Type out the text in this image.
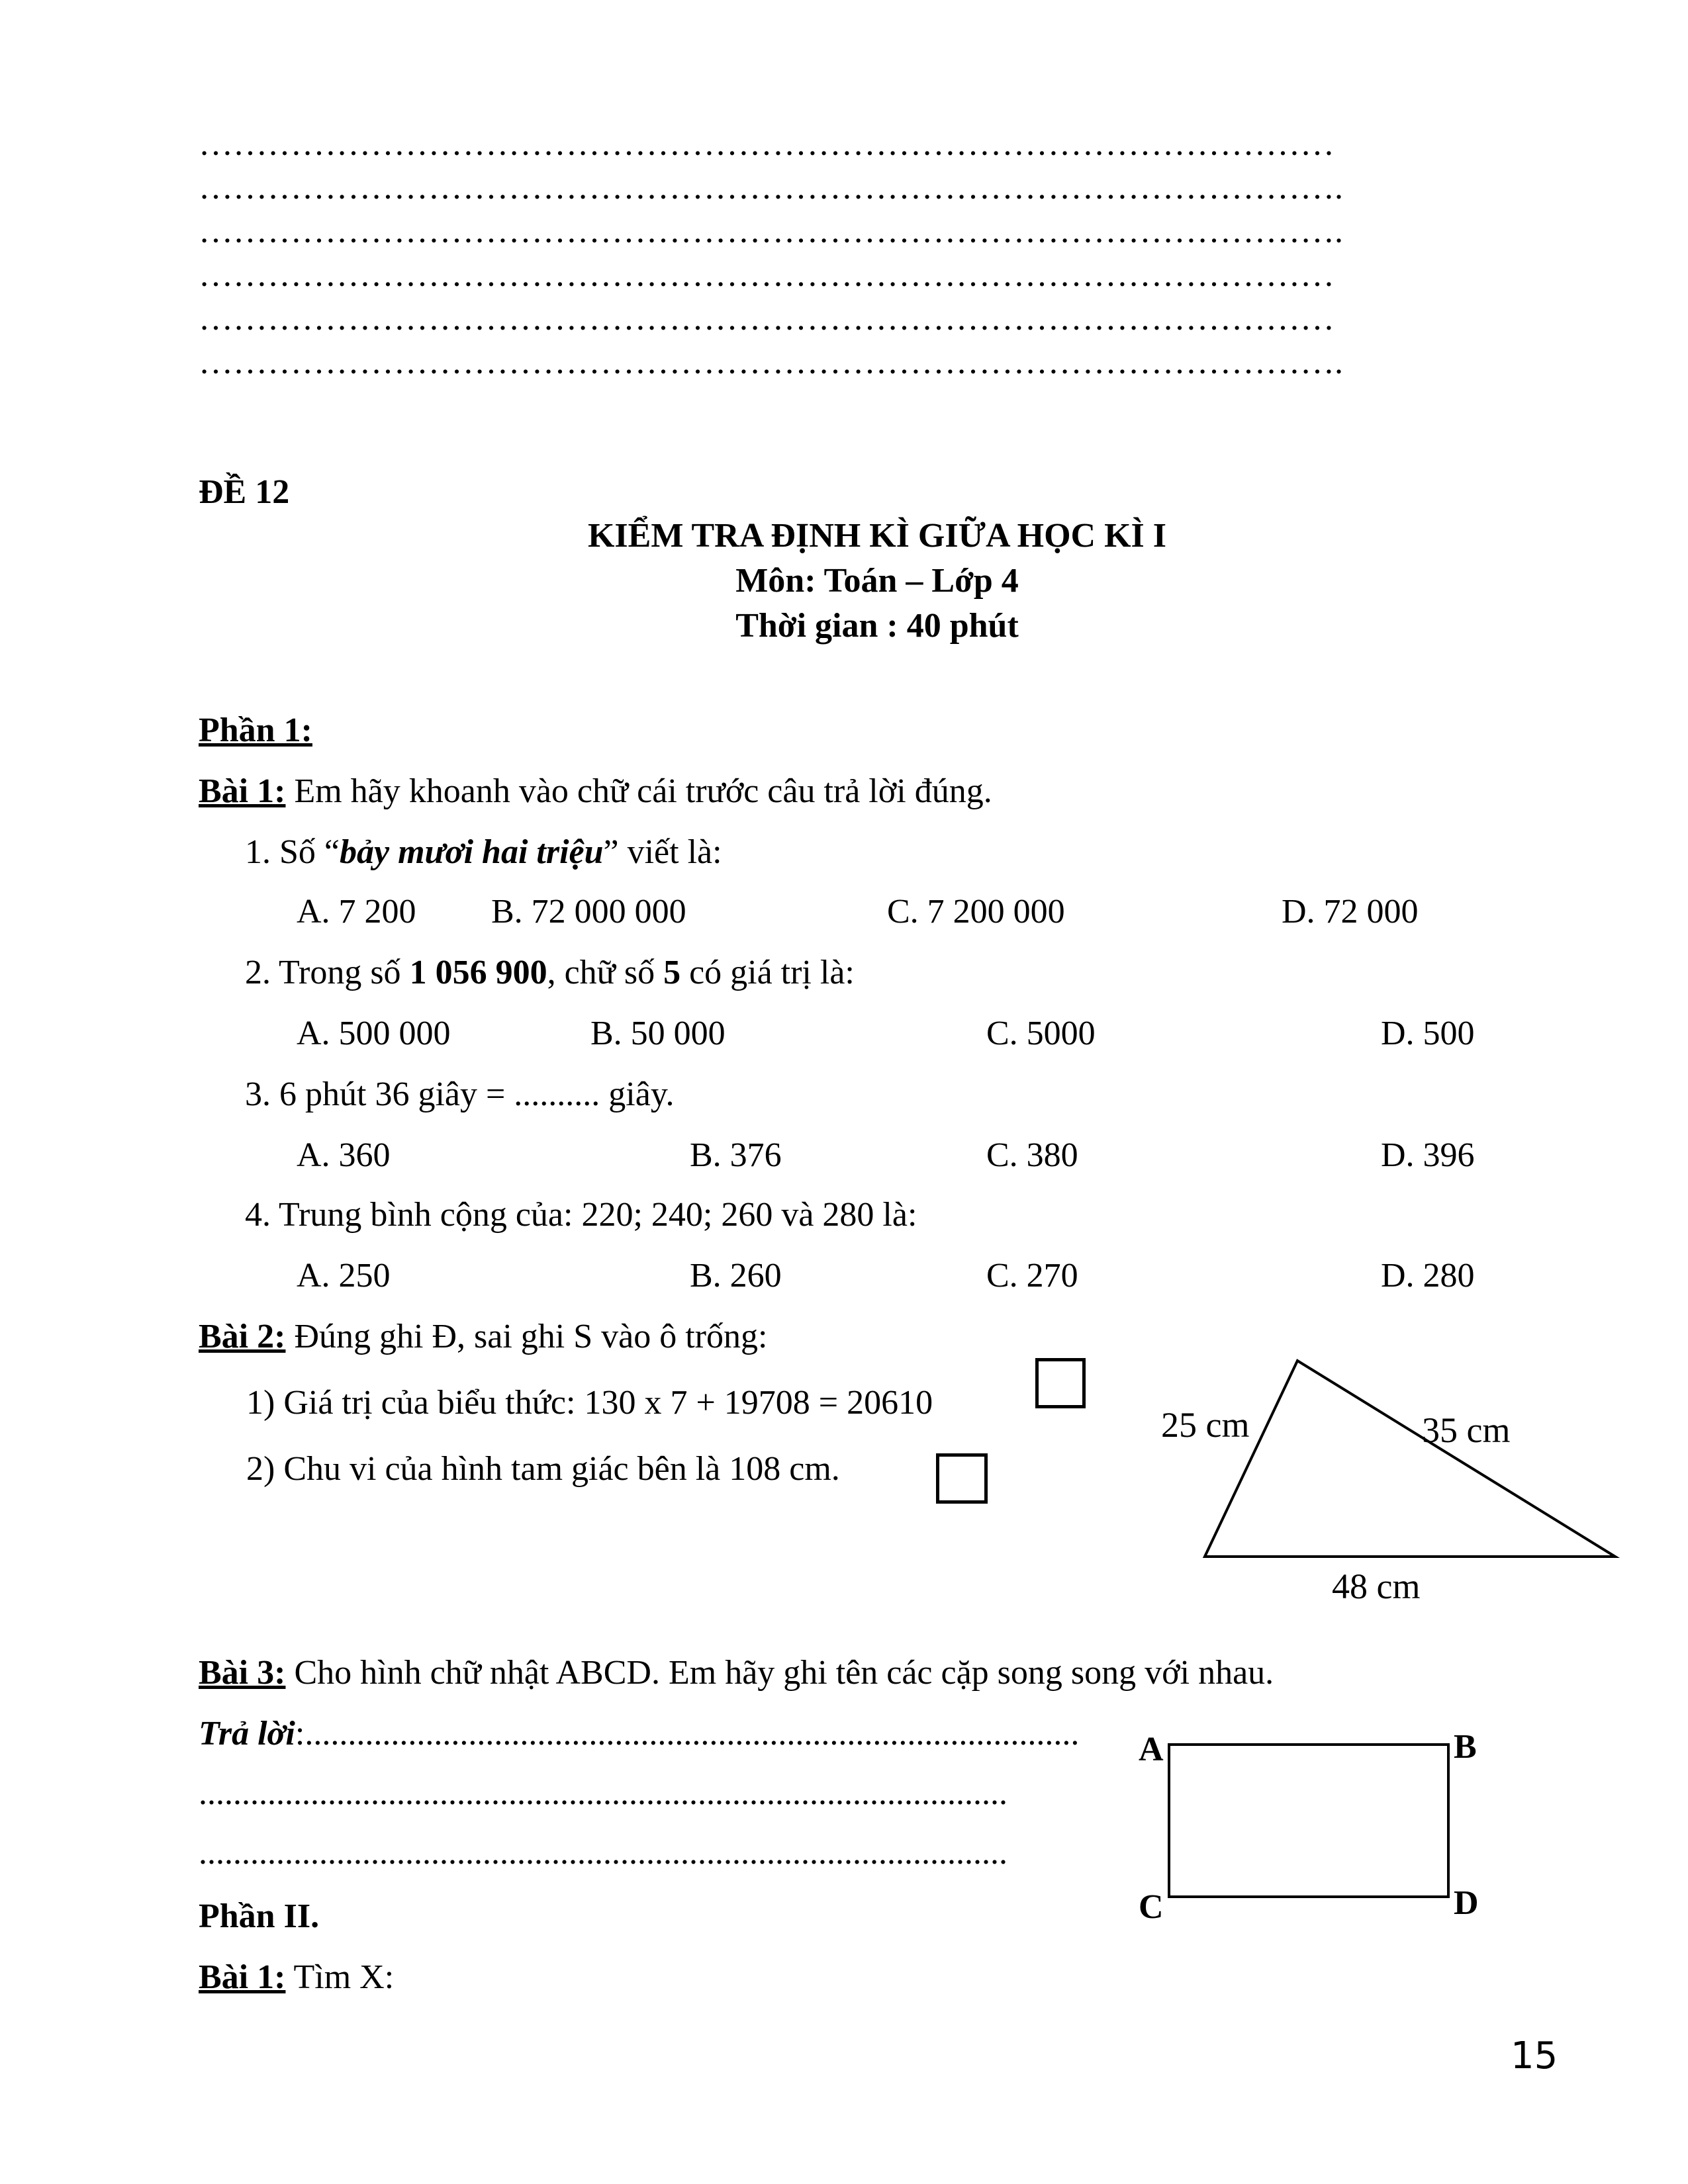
………………………………………………………………………………………
……………………………………………………………………………………….
……………………………………………………………………………………….
………………………………………………………………………………………
………………………………………………………………………………………
……………………………………………………………………………………….
ĐỀ 12
KIỂM TRA ĐỊNH KÌ GIỮA HỌC KÌ I
Môn: Toán – Lớp 4
Thời gian : 40 phút
Phần 1:
Bài 1: Em hãy khoanh vào chữ cái trước câu trả lời đúng.
1. Số “bảy mươi hai triệu” viết là:
A. 7 200 B. 72 000 000	C. 7 200 000	D. 72 000
2. Trong số 1 056 900, chữ số 5 có giá trị là:
A. 500 000	B. 50 000	C. 5000	D. 500
3. 6 phút 36 giây = .......... giây.
A. 360	B. 376	C. 380	D. 396
4. Trung bình cộng của: 220; 240; 260 và 280 là:
A. 250	B. 260	C. 270	D. 280
Bài 2: Đúng ghi Đ, sai ghi S vào ô trống:
1) Giá trị của biểu thức: 130 x 7 + 19708 = 20610
2) Chu vi của hình tam giác bên là 108 cm.
25 cm	35 cm
48 cm
Bài 3: Cho hình chữ nhật ABCD. Em hãy ghi tên các cặp song song với nhau.
Trả lời:..........................................................................................
..............................................................................................
..............................................................................................
A	B
C	D
Phần II.
Bài 1: Tìm X:
15
